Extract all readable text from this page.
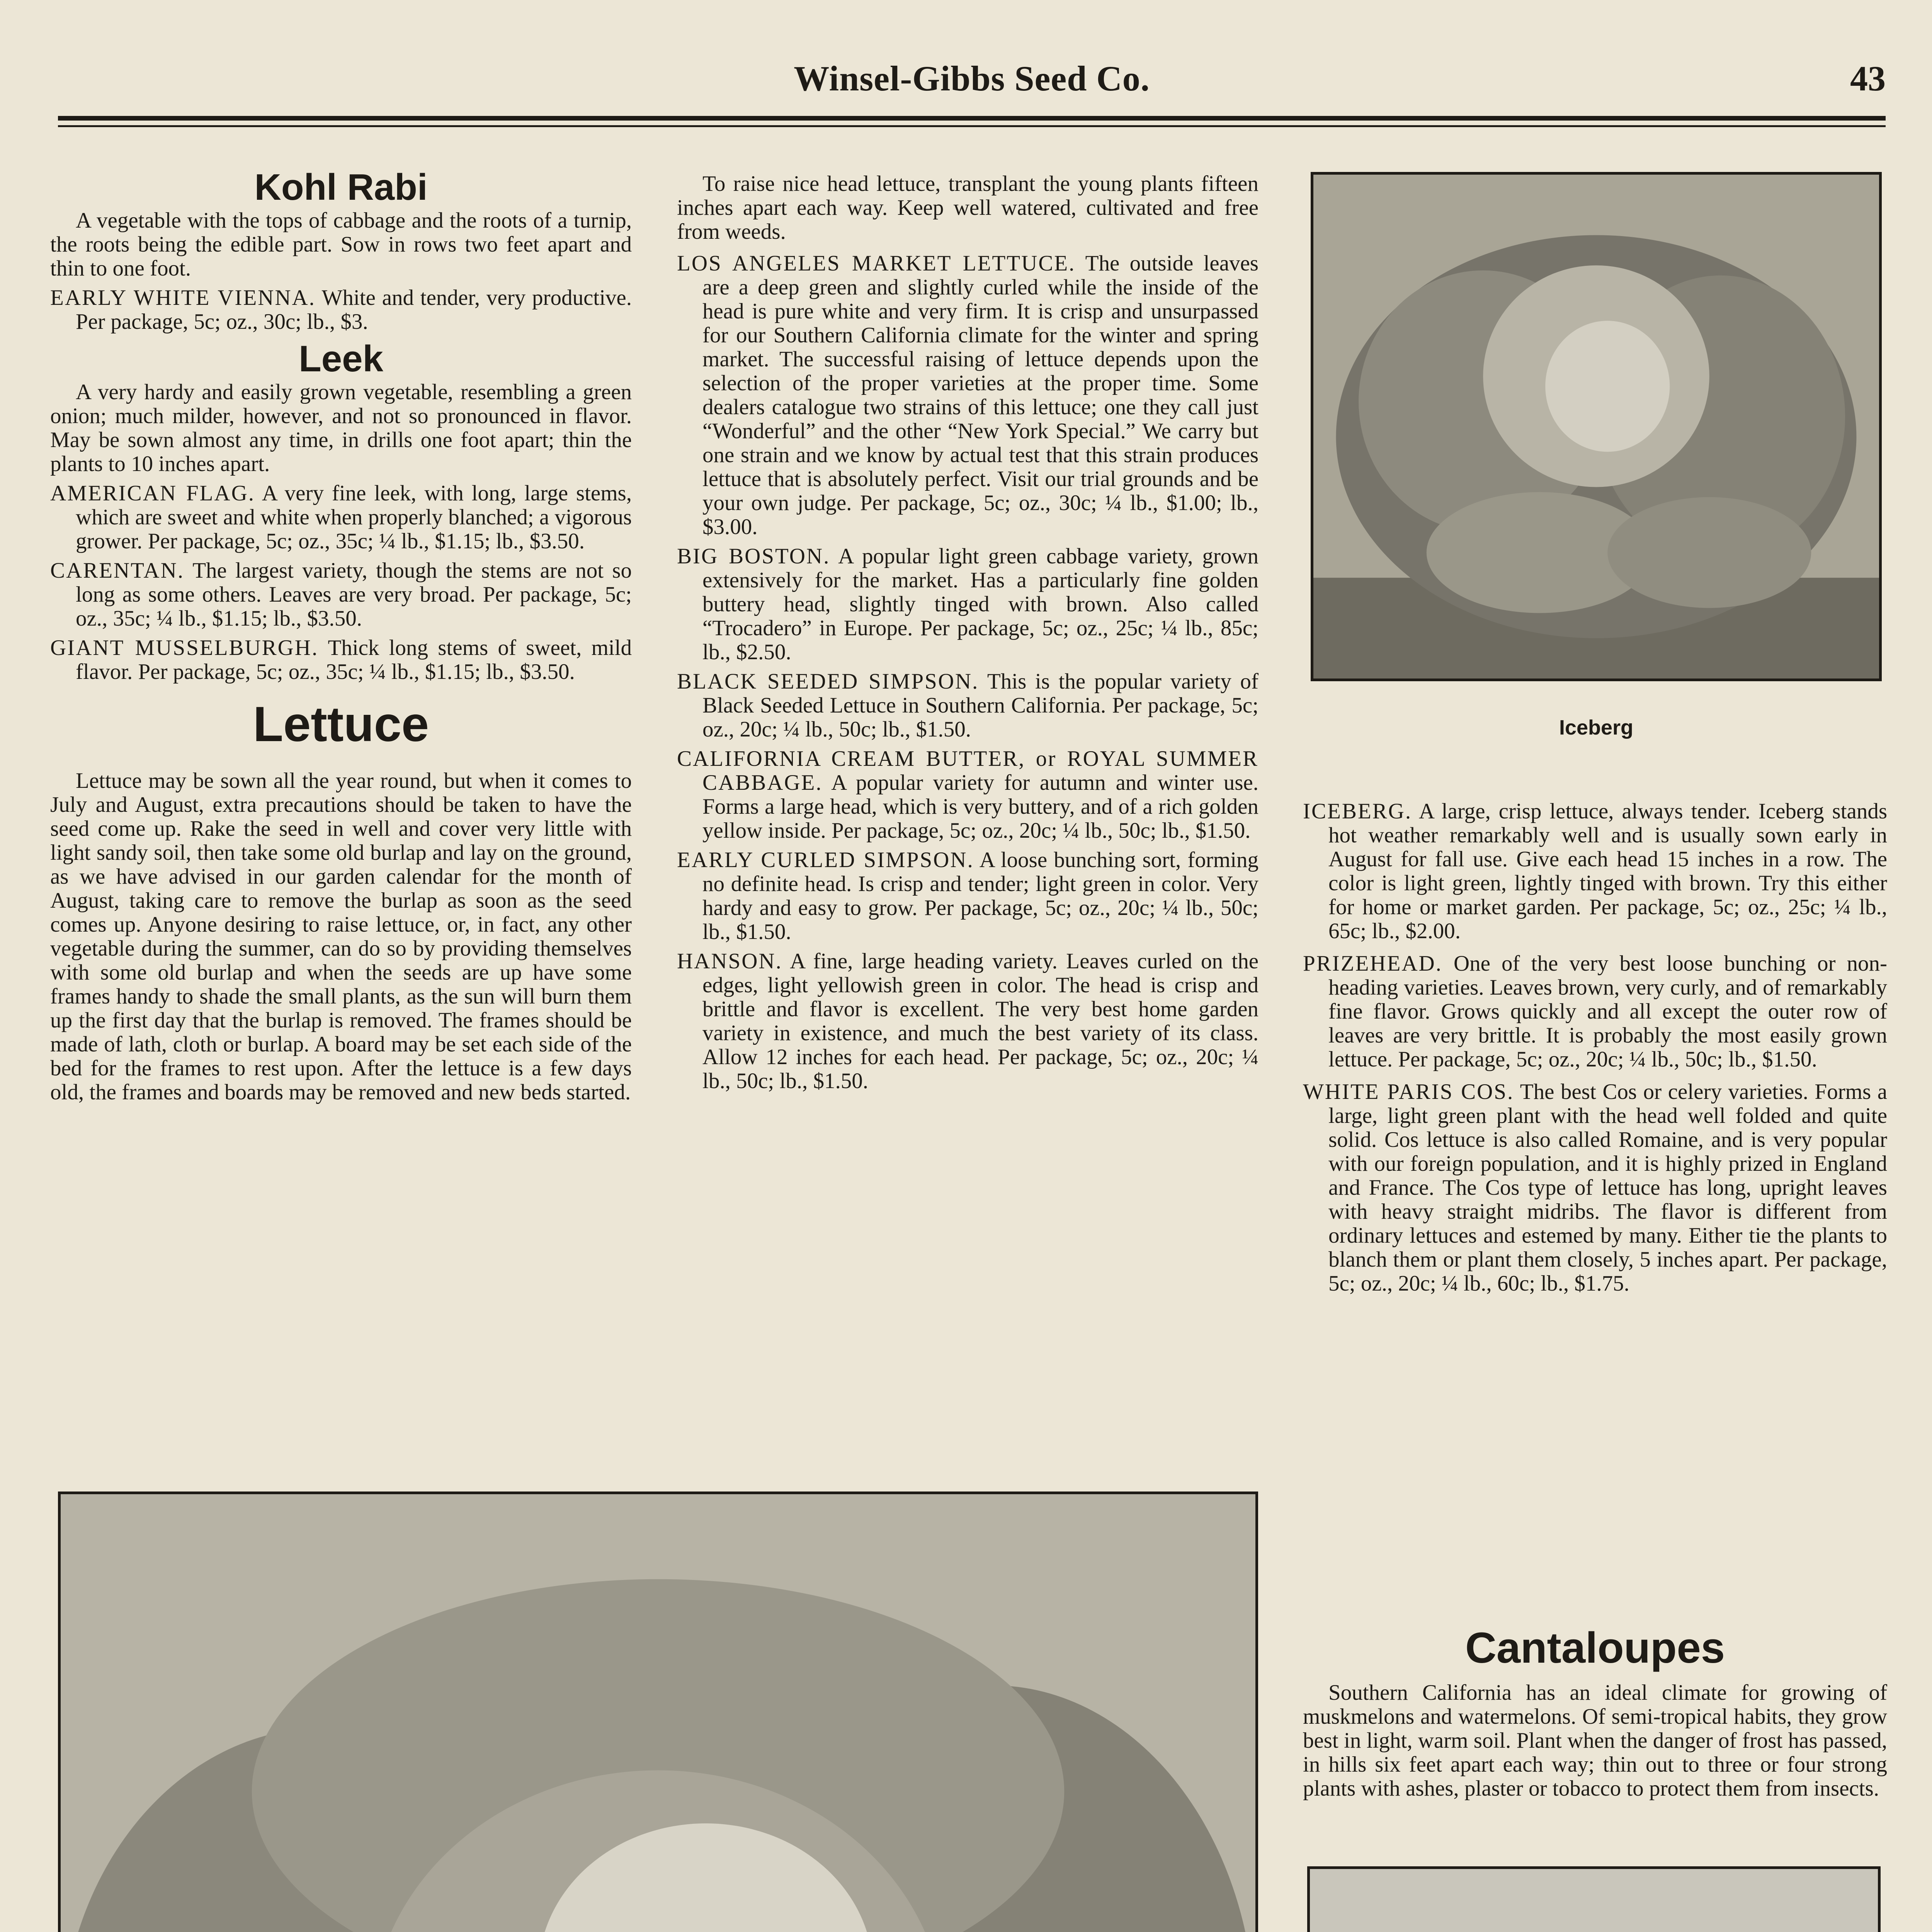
Winsel-Gibbs Seed Co.	43
Kohl Rabi

A vegetable with the tops of cabbage and the roots of a turnip, the roots being the edible part. Sow in rows two feet apart and thin to one foot.

EARLY WHITE VIENNA. White and tender, very productive. Per package, 5c; oz., 30c; lb., $3.

Leek

A very hardy and easily grown vegetable, resembling a green onion; much milder, however, and not so pronounced in flavor. May be sown almost any time, in drills one foot apart; thin the plants to 10 inches apart.

AMERICAN FLAG. A very fine leek, with long, large stems, which are sweet and white when properly blanched; a vigorous grower. Per package, 5c; oz., 35c; ¼ lb., $1.15; lb., $3.50.

CARENTAN. The largest variety, though the stems are not so long as some others. Leaves are very broad. Per package, 5c; oz., 35c; ¼ lb., $1.15; lb., $3.50.

GIANT MUSSELBURGH. Thick long stems of sweet, mild flavor. Per package, 5c; oz., 35c; ¼ lb., $1.15; lb., $3.50.

Lettuce

Lettuce may be sown all the year round, but when it comes to July and August, extra precautions should be taken to have the seed come up. Rake the seed in well and cover very little with light sandy soil, then take some old burlap and lay on the ground, as we have advised in our garden calendar for the month of August, taking care to remove the burlap as soon as the seed comes up. Anyone desiring to raise lettuce, or, in fact, any other vegetable during the summer, can do so by providing themselves with some old burlap and when the seeds are up have some frames handy to shade the small plants, as the sun will burn them up the first day that the burlap is removed. The frames should be made of lath, cloth or burlap. A board may be set each side of the bed for the frames to rest upon. After the lettuce is a few days old, the frames and boards may be removed and new beds started.

To raise nice head lettuce, transplant the young plants fifteen inches apart each way. Keep well watered, cultivated and free from weeds.

LOS ANGELES MARKET LETTUCE. The outside leaves are a deep green and slightly curled while the inside of the head is pure white and very firm. It is crisp and unsurpassed for our Southern California climate for the winter and spring market. The successful raising of lettuce depends upon the selection of the proper varieties at the proper time. Some dealers catalogue two strains of this lettuce; one they call just “Wonderful” and the other “New York Special.” We carry but one strain and we know by actual test that this strain produces lettuce that is absolutely perfect. Visit our trial grounds and be your own judge. Per package, 5c; oz., 30c; ¼ lb., $1.00; lb., $3.00.

BIG BOSTON. A popular light green cabbage variety, grown extensively for the market. Has a particularly fine golden buttery head, slightly tinged with brown. Also called “Trocadero” in Europe. Per package, 5c; oz., 25c; ¼ lb., 85c; lb., $2.50.

BLACK SEEDED SIMPSON. This is the popular variety of Black Seeded Lettuce in Southern California. Per package, 5c; oz., 20c; ¼ lb., 50c; lb., $1.50.

CALIFORNIA CREAM BUTTER, or ROYAL SUMMER CABBAGE. A popular variety for autumn and winter use. Forms a large head, which is very buttery, and of a rich golden yellow inside. Per package, 5c; oz., 20c; ¼ lb., 50c; lb., $1.50.

EARLY CURLED SIMPSON. A loose bunching sort, forming no definite head. Is crisp and tender; light green in color. Very hardy and easy to grow. Per package, 5c; oz., 20c; ¼ lb., 50c; lb., $1.50.

HANSON. A fine, large heading variety. Leaves curled on the edges, light yellowish green in color. The head is crisp and brittle and flavor is excellent. The very best home garden variety in existence, and much the best variety of its class. Allow 12 inches for each head. Per package, 5c; oz., 20c; ¼ lb., 50c; lb., $1.50.

Iceberg

ICEBERG. A large, crisp lettuce, always tender. Iceberg stands hot weather remarkably well and is usually sown early in August for fall use. Give each head 15 inches in a row. The color is light green, lightly tinged with brown. Try this either for home or market garden. Per package, 5c; oz., 25c; ¼ lb., 65c; lb., $2.00.

PRIZEHEAD. One of the very best loose bunching or non-heading varieties. Leaves brown, very curly, and of remarkably fine flavor. Grows quickly and all except the outer row of leaves are very brittle. It is probably the most easily grown lettuce. Per package, 5c; oz., 20c; ¼ lb., 50c; lb., $1.50.

WHITE PARIS COS. The best Cos or celery varieties. Forms a large, light green plant with the head well folded and quite solid. Cos lettuce is also called Romaine, and is very popular with our foreign population, and it is highly prized in England and France. The Cos type of lettuce has long, upright leaves with heavy straight midribs. The flavor is different from ordinary lettuces and estemed by many. Either tie the plants to blanch them or plant them closely, 5 inches apart. Per package, 5c; oz., 20c; ¼ lb., 60c; lb., $1.75.

Cantaloupes

Southern California has an ideal climate for growing of muskmelons and watermelons. Of semi-tropical habits, they grow best in light, warm soil. Plant when the danger of frost has passed, in hills six feet apart each way; thin out to three or four strong plants with ashes, plaster or tobacco to protect them from insects.
